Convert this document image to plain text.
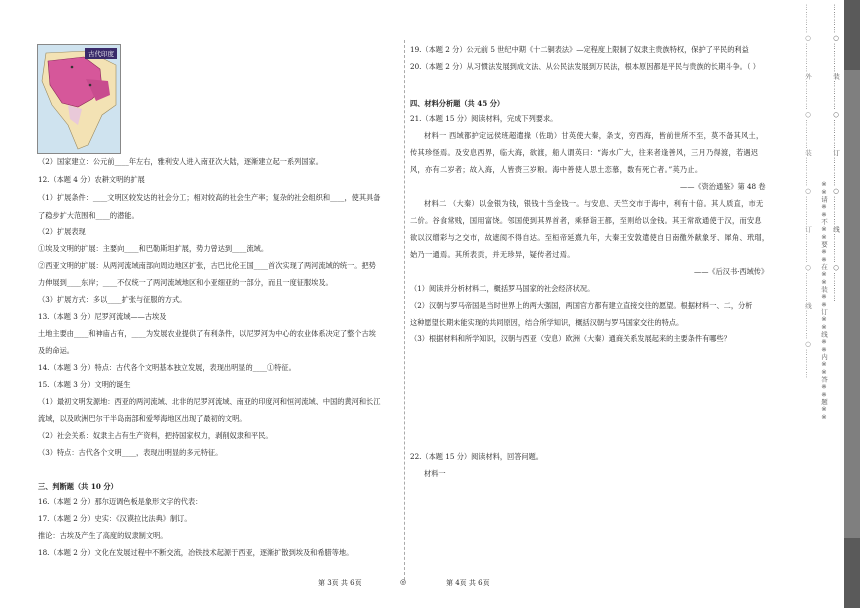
古代印度

（2）国家建立：公元前____年左右，雅利安人进入南亚次大陆，逐渐建立起一系列国家。

12.（本题 4 分）农耕文明的扩展

（1）扩展条件：____文明区较发达的社会分工；相对较高的社会生产率；复杂的社会组织和____，使其具备

了稳步扩大范围和____的潜能。

（2）扩展表现

①埃及文明的扩展：主要向____和巴勒斯坦扩展，势力曾达到____流域。

②西亚文明的扩展：从两河流域南部向周边地区扩张，古巴比伦王国____首次实现了两河流域的统一。把势

力伸展到____东岸；____不仅统一了两河流域地区和小亚细亚的一部分，而且一度征服埃及。

（3）扩展方式：多以____扩张与征服的方式。

13.（本题 3 分）尼罗河流域——古埃及

土地主要由____和神庙占有，____为发展农业提供了有利条件，以尼罗河为中心的农业体系决定了整个古埃

及的命运。

14.（本题 3 分）特点：古代各个文明基本独立发展，表现出明显的____①特征。

15.（本题 3 分）文明的诞生

（1）最初文明发源地：西亚的两河流域、北非的尼罗河流域、南亚的印度河和恒河流域、中国的黄河和长江

流域，以及欧洲巴尔干半岛南部和爱琴海地区出现了最初的文明。

（2）社会关系：奴隶主占有生产资料，把持国家权力，剥削奴隶和平民。

（3）特点：古代各个文明____，表现出明显的多元特征。

三、判断题（共 10 分）

16.（本题 2 分）那尔迈调色板是象形文字的代表：

17.（本题 2 分）史实：《汉谟拉比法典》制订。

推论：古埃及产生了高度的奴隶制文明。

18.（本题 2 分）文化在发展过程中不断交流，冶铁技术起源于西亚，逐渐扩散到埃及和希腊等地。

19.（本题 2 分）公元前 5 世纪中期《十二铜表法》—定程度上限制了奴隶主贵族特权，保护了平民的利益

20.（本题 2 分）从习惯法发展到成文法、从公民法发展到万民法，根本原因都是平民与贵族的长期斗争。（ ）

四、材料分析题（共 45 分）

21.（本题 15 分）阅读材料，完成下列要求。

材料一 西域都护定远侯班超遣掾（佐助）甘英使大秦，条支，穷西海，皆前世所不至，莫不备其风土，

传其珍怪焉。及安息西界，临大海，欲渡，船人谓英曰：“海水广大，往来者逢善风，三月乃得渡，若遇迟

风，亦有二岁者；故入海，人皆赍三岁粮。海中善使人思土恋慕，数有死亡者。”英乃止。

——《资治通鉴》第 48 卷

材料二 （大秦）以金银为钱，银钱十当金钱一。与安息、天竺交市于海中，利有十倍。其人质直，市无

二价。谷食常贱，国用富饶。邻国使到其界首者，乘驿诣王都，至则给以金钱。其王常欲通使于汉，而安息

欲以汉缯彩与之交市，故遮阂不得自达。至桓帝延熹九年，大秦王安敦遣使自日南徼外献象牙、犀角、玳瑁，

始乃一通焉。其所表贡，并无珍异，疑传者过焉。

——《后汉书·西域传》

（1）阅读并分析材料二，概括罗马国家的社会经济状况。

（2）汉朝与罗马帝国是当时世界上的两大强国，两国官方都有建立直接交往的愿望。根据材料一、二，分析

这种愿望长期未能实现的共同原因，结合所学知识，概括汉朝与罗马国家交往的特点。

（3）根据材料和所学知识，汉朝与西亚（安息）欧洲（大秦）通商关系发展起来的主要条件有哪些？

22.（本题 15 分）阅读材料，回答问题。

材料一

第 3页 共 6页	◎	第 4页 共 6页
…………○…………外…………○…………装…………○…………订…………○…………线…………○………… ※※请※※不※※要※※在※※装※※订※※线※※内※※答※※题※※ …………○…………装…………○…………订…………○…………线…………○…………
